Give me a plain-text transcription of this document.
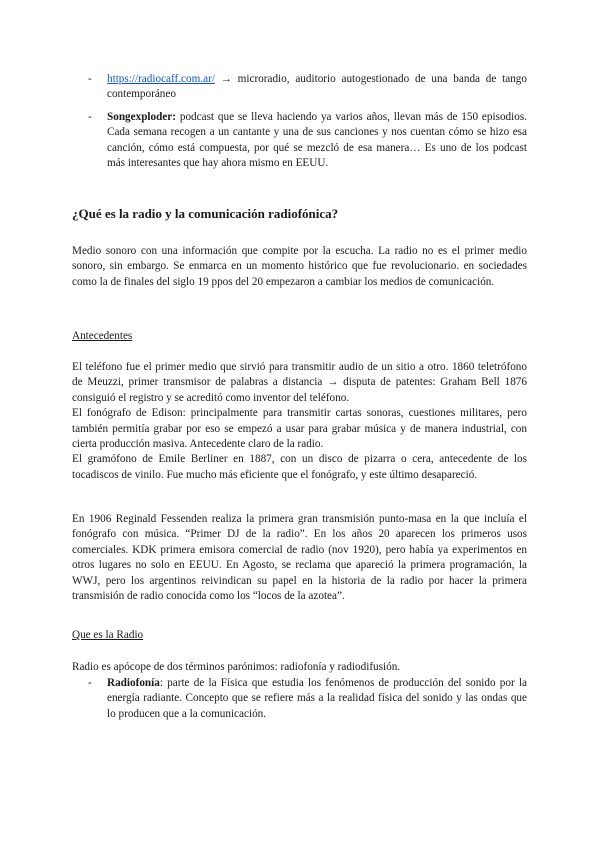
- https://radiocaff.com.ar/ → microradio, auditorio autogestionado de una banda de tango contemporáneo

- Songexploder: podcast que se lleva haciendo ya varios años, llevan más de 150 episodios. Cada semana recogen a un cantante y una de sus canciones y nos cuentan cómo se hizo esa canción, cómo está compuesta, por qué se mezcló de esa manera… Es uno de los podcast más interesantes que hay ahora mismo en EEUU.

¿Qué es la radio y la comunicación radiofónica?

Medio sonoro con una información que compite por la escucha. La radio no es el primer medio sonoro, sin embargo. Se enmarca en un momento histórico que fue revolucionario. en sociedades como la de finales del siglo 19 ppos del 20 empezaron a cambiar los medios de comunicación.

Antecedentes

El teléfono fue el primer medio que sirvió para transmitir audio de un sitio a otro. 1860 teletrófono de Meuzzi, primer transmisor de palabras a distancia → disputa de patentes: Graham Bell 1876 consiguió el registro y se acreditó como inventor del teléfono.

El fonógrafo de Edison: principalmente para transmitir cartas sonoras, cuestiones militares, pero también permitía grabar por eso se empezó a usar para grabar música y de manera industrial, con cierta producción masiva. Antecedente claro de la radio.

El gramófono de Emile Berliner en 1887, con un disco de pizarra o cera, antecedente de los tocadiscos de vinilo. Fue mucho más eficiente que el fonógrafo, y este último desapareció.

En 1906 Reginald Fessenden realiza la primera gran transmisión punto-masa en la que incluía el fonógrafo con música. “Primer DJ de la radio”. En los años 20 aparecen los primeros usos comerciales. KDK primera emisora comercial de radio (nov 1920), pero había ya experimentos en otros lugares no solo en EEUU. En Agosto, se reclama que apareció la primera programación, la WWJ, pero los argentinos reivindican su papel en la historia de la radio por hacer la primera transmisión de radio conocida como los “locos de la azotea”.

Que es la Radio

Radio es apócope de dos términos parónimos: radiofonía y radiodifusión.

- Radiofonía: parte de la Física que estudia los fenómenos de producción del sonido por la energía radiante. Concepto que se refiere más a la realidad física del sonido y las ondas que lo producen que a la comunicación.
